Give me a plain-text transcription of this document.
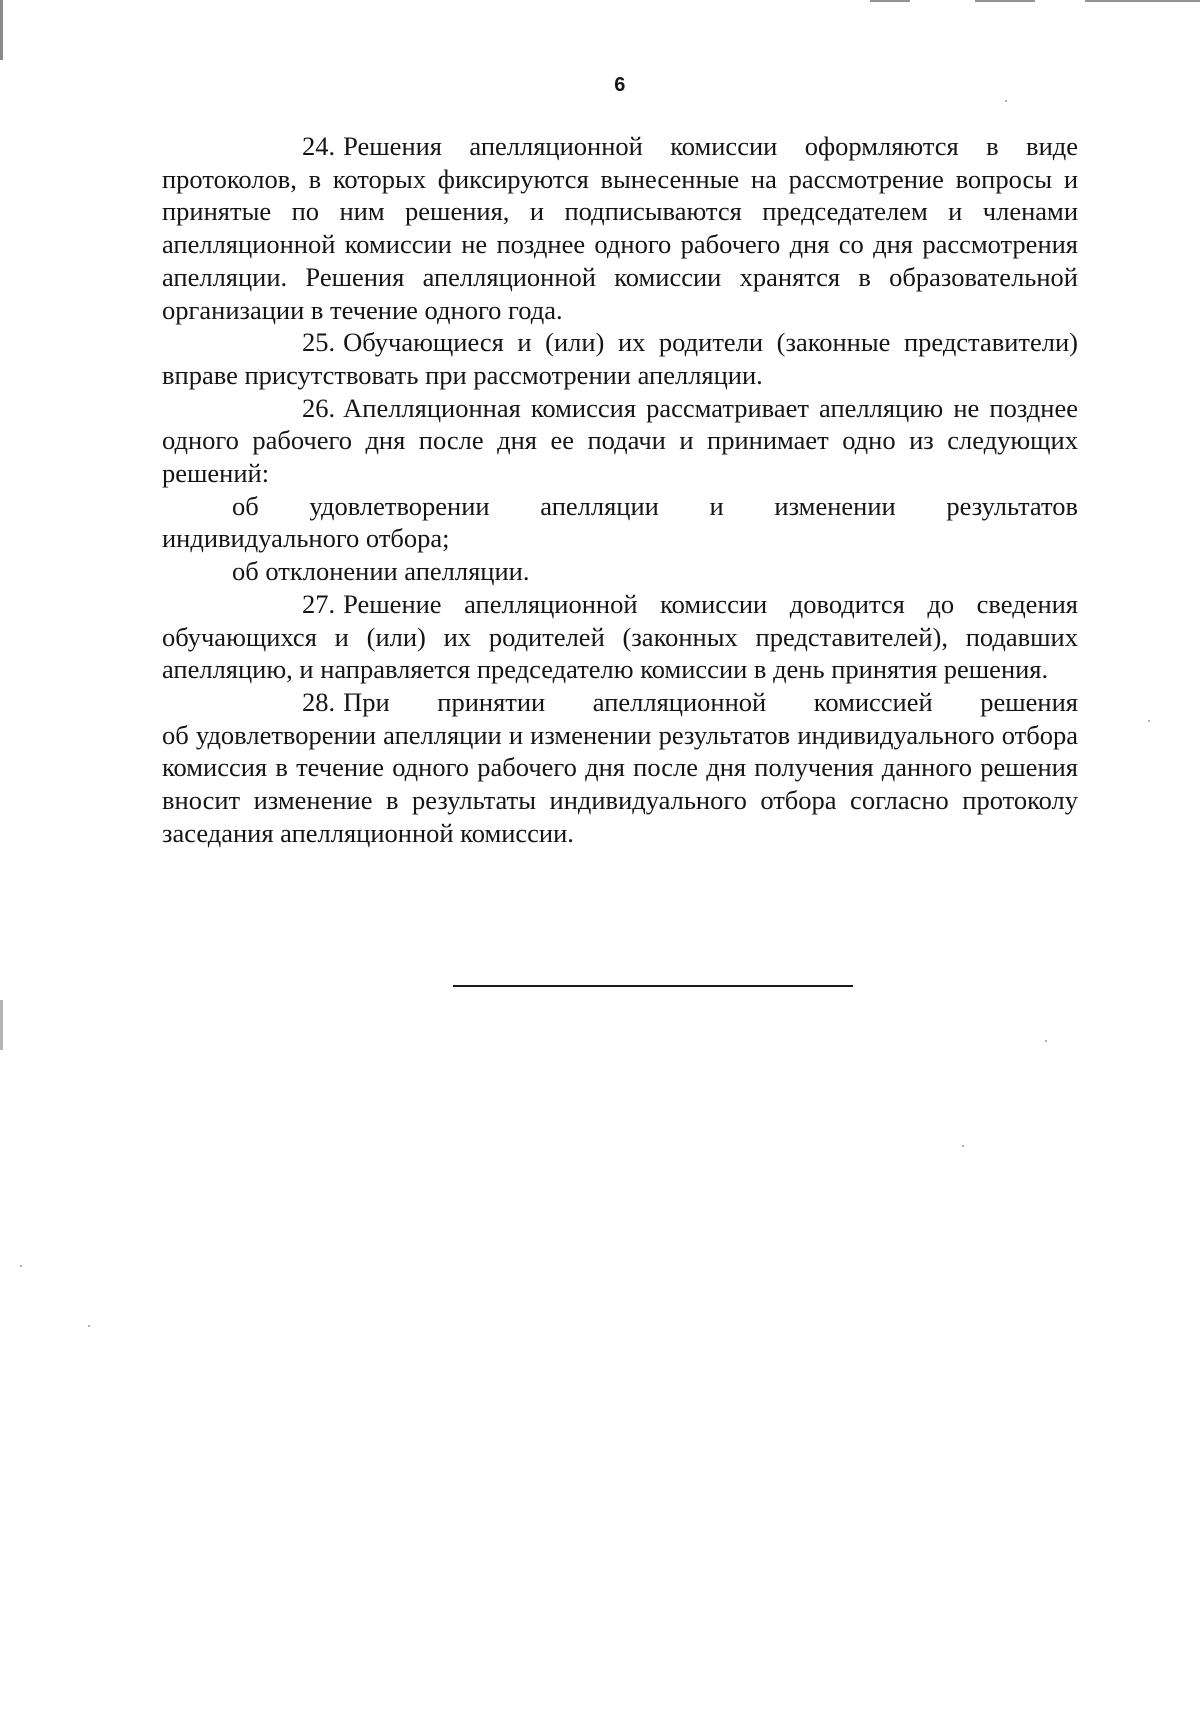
6

24. Решения апелляционной комиссии оформляются в виде

протоколов, в которых фиксируются вынесенные на рассмотрение вопросы и принятые по ним решения, и подписываются председателем и членами апелляционной комиссии не позднее одного рабочего дня со дня рассмотрения апелляции. Решения апелляционной комиссии хранятся в образовательной организации в течение одного года.

25. Обучающиеся и (или) их родители (законные представители) вправе присутствовать при рассмотрении апелляции.

26. Апелляционная комиссия рассматривает апелляцию не позднее одного рабочего дня после дня ее подачи и принимает одно из следующих решений:

об удовлетворении апелляции и изменении результатов

индивидуального отбора;

об отклонении апелляции.

27. Решение апелляционной комиссии доводится до сведения обучающихся и (или) их родителей (законных представителей), подавших апелляцию, и направляется председателю комиссии в день принятия решения.

28. При принятии апелляционной комиссией решения

об удовлетворении апелляции и изменении результатов индивидуального отбора комиссия в течение одного рабочего дня после дня получения данного решения вносит изменение в результаты индивидуального отбора согласно протоколу заседания апелляционной комиссии.
